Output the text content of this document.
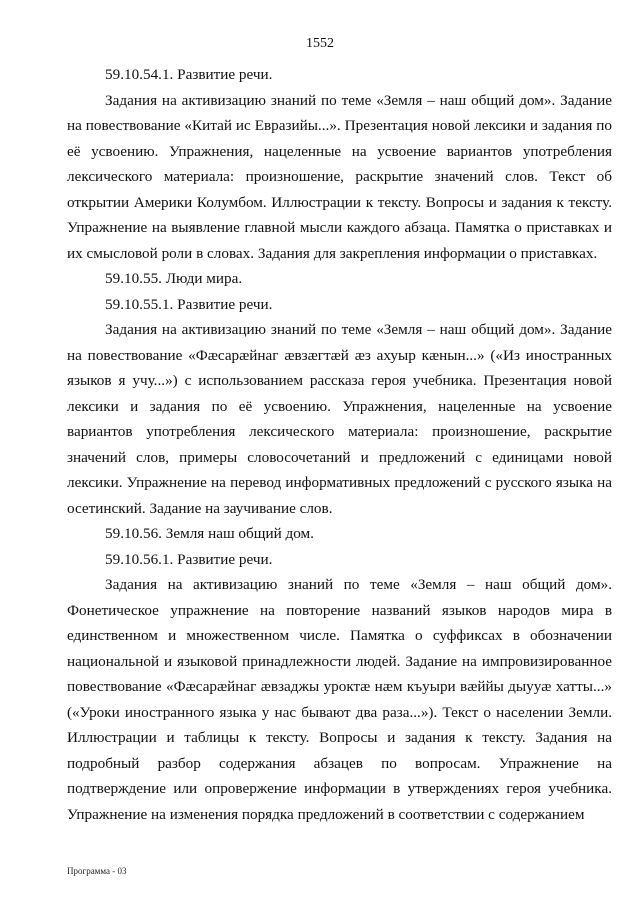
1552

59.10.54.1. Развитие речи.

Задания на активизацию знаний по теме «Земля – наш общий дом». Задание на повествование «Китай ис Евразийы...». Презентация новой лексики и задания по её усвоению. Упражнения, нацеленные на усвоение вариантов употребления лексического материала: произношение, раскрытие значений слов. Текст об открытии Америки Колумбом. Иллюстрации к тексту. Вопросы и задания к тексту. Упражнение на выявление главной мысли каждого абзаца. Памятка о приставках и их смысловой роли в словах. Задания для закрепления информации о приставках.

59.10.55. Люди мира.

59.10.55.1. Развитие речи.

Задания на активизацию знаний по теме «Земля – наш общий дом». Задание на повествование «Фæсарæйнаг æвзæгтæй æз ахуыр кæнын...» («Из иностранных языков я учу...») с использованием рассказа героя учебника. Презентация новой лексики и задания по её усвоению. Упражнения, нацеленные на усвоение вариантов употребления лексического материала: произношение, раскрытие значений слов, примеры словосочетаний и предложений с единицами новой лексики. Упражнение на перевод информативных предложений с русского языка на осетинский. Задание на заучивание слов.

59.10.56. Земля наш общий дом.

59.10.56.1. Развитие речи.

Задания на активизацию знаний по теме «Земля – наш общий дом». Фонетическое упражнение на повторение названий языков народов мира в единственном и множественном числе. Памятка о суффиксах в обозначении национальной и языковой принадлежности людей. Задание на импровизированное повествование «Фæсарæйнаг æвзаджы уроктæ нæм къуыри вæййы дыууæ хатты...» («Уроки иностранного языка у нас бывают два раза...»). Текст о населении Земли. Иллюстрации и таблицы к тексту. Вопросы и задания к тексту. Задания на подробный разбор содержания абзацев по вопросам. Упражнение на подтверждение или опровержение информации в утверждениях героя учебника. Упражнение на изменения порядка предложений в соответствии с содержанием

Программа - 03
